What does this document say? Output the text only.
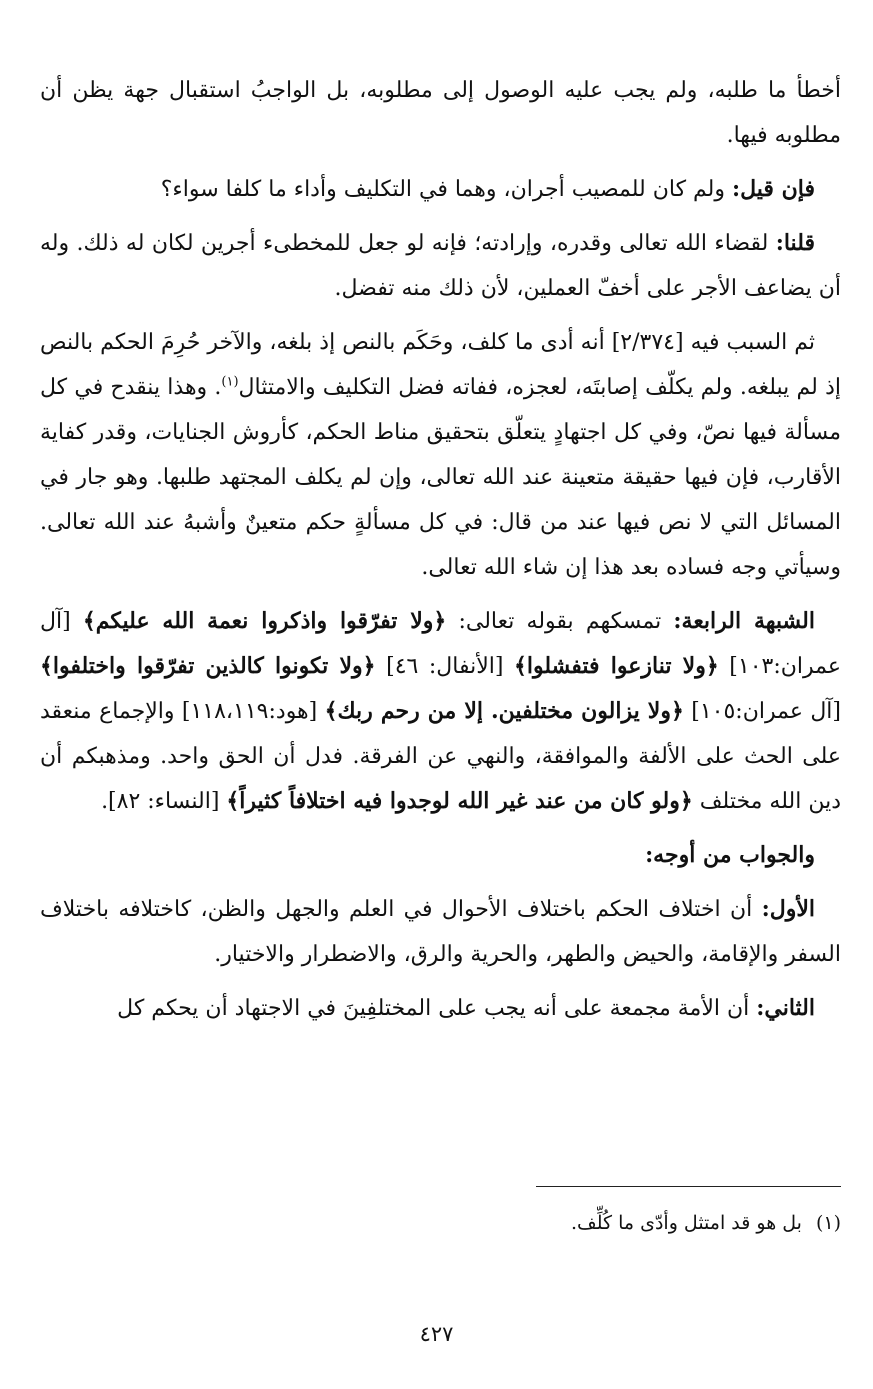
أخطأ ما طلبه، ولم يجب عليه الوصول إلى مطلوبه، بل الواجبُ استقبال جهة يظن أن مطلوبه فيها.

فإن قيل: ولم كان للمصيب أجران، وهما في التكليف وأداء ما كلفا سواء؟

قلنا: لقضاء الله تعالى وقدره، وإرادته؛ فإنه لو جعل للمخطىء أجرين لكان له ذلك. وله أن يضاعف الأجر على أخفّ العملين، لأن ذلك منه تفضل.

ثم السبب فيه [٢/٣٧٤] أنه أدى ما كلف، وحَكَم بالنص إذ بلغه، والآخر حُرِمَ الحكم بالنص إذ لم يبلغه. ولم يكلّف إصابتَه، لعجزه، ففاته فضل التكليف والامتثال$^{(١)}$. وهذا ينقدح في كل مسألة فيها نصّ، وفي كل اجتهادٍ يتعلّق بتحقيق مناط الحكم، كأروش الجنايات، وقدر كفاية الأقارب، فإن فيها حقيقة متعينة عند الله تعالى، وإن لم يكلف المجتهد طلبها. وهو جار في المسائل التي لا نص فيها عند من قال: في كل مسألةٍ حكم متعينٌ وأشبهُ عند الله تعالى. وسيأتي وجه فساده بعد هذا إن شاء الله تعالى.

الشبهة الرابعة: تمسكهم بقوله تعالى: ﴿ولا تفرّقوا واذكروا نعمة الله عليكم﴾ [آل عمران:١٠٣] ﴿ولا تنازعوا فتفشلوا﴾ [الأنفال: ٤٦] ﴿ولا تكونوا كالذين تفرّقوا واختلفوا﴾ [آل عمران:١٠٥] ﴿ولا يزالون مختلفين. إلا من رحم ربك﴾ [هود:١١٨،١١٩] والإجماع منعقد على الحث على الألفة والموافقة، والنهي عن الفرقة. فدل أن الحق واحد. ومذهبكم أن دين الله مختلف ﴿ولو كان من عند غير الله لوجدوا فيه اختلافاً كثيراً﴾ [النساء: ٨٢].

والجواب من أوجه:

الأول: أن اختلاف الحكم باختلاف الأحوال في العلم والجهل والظن، كاختلافه باختلاف السفر والإقامة، والحيض والطهر، والحرية والرق، والاضطرار والاختيار.

الثاني: أن الأمة مجمعة على أنه يجب على المختلفِينَ في الاجتهاد أن يحكم كل

(١)بل هو قد امتثل وأدّى ما كُلِّف.
٤٢٧
